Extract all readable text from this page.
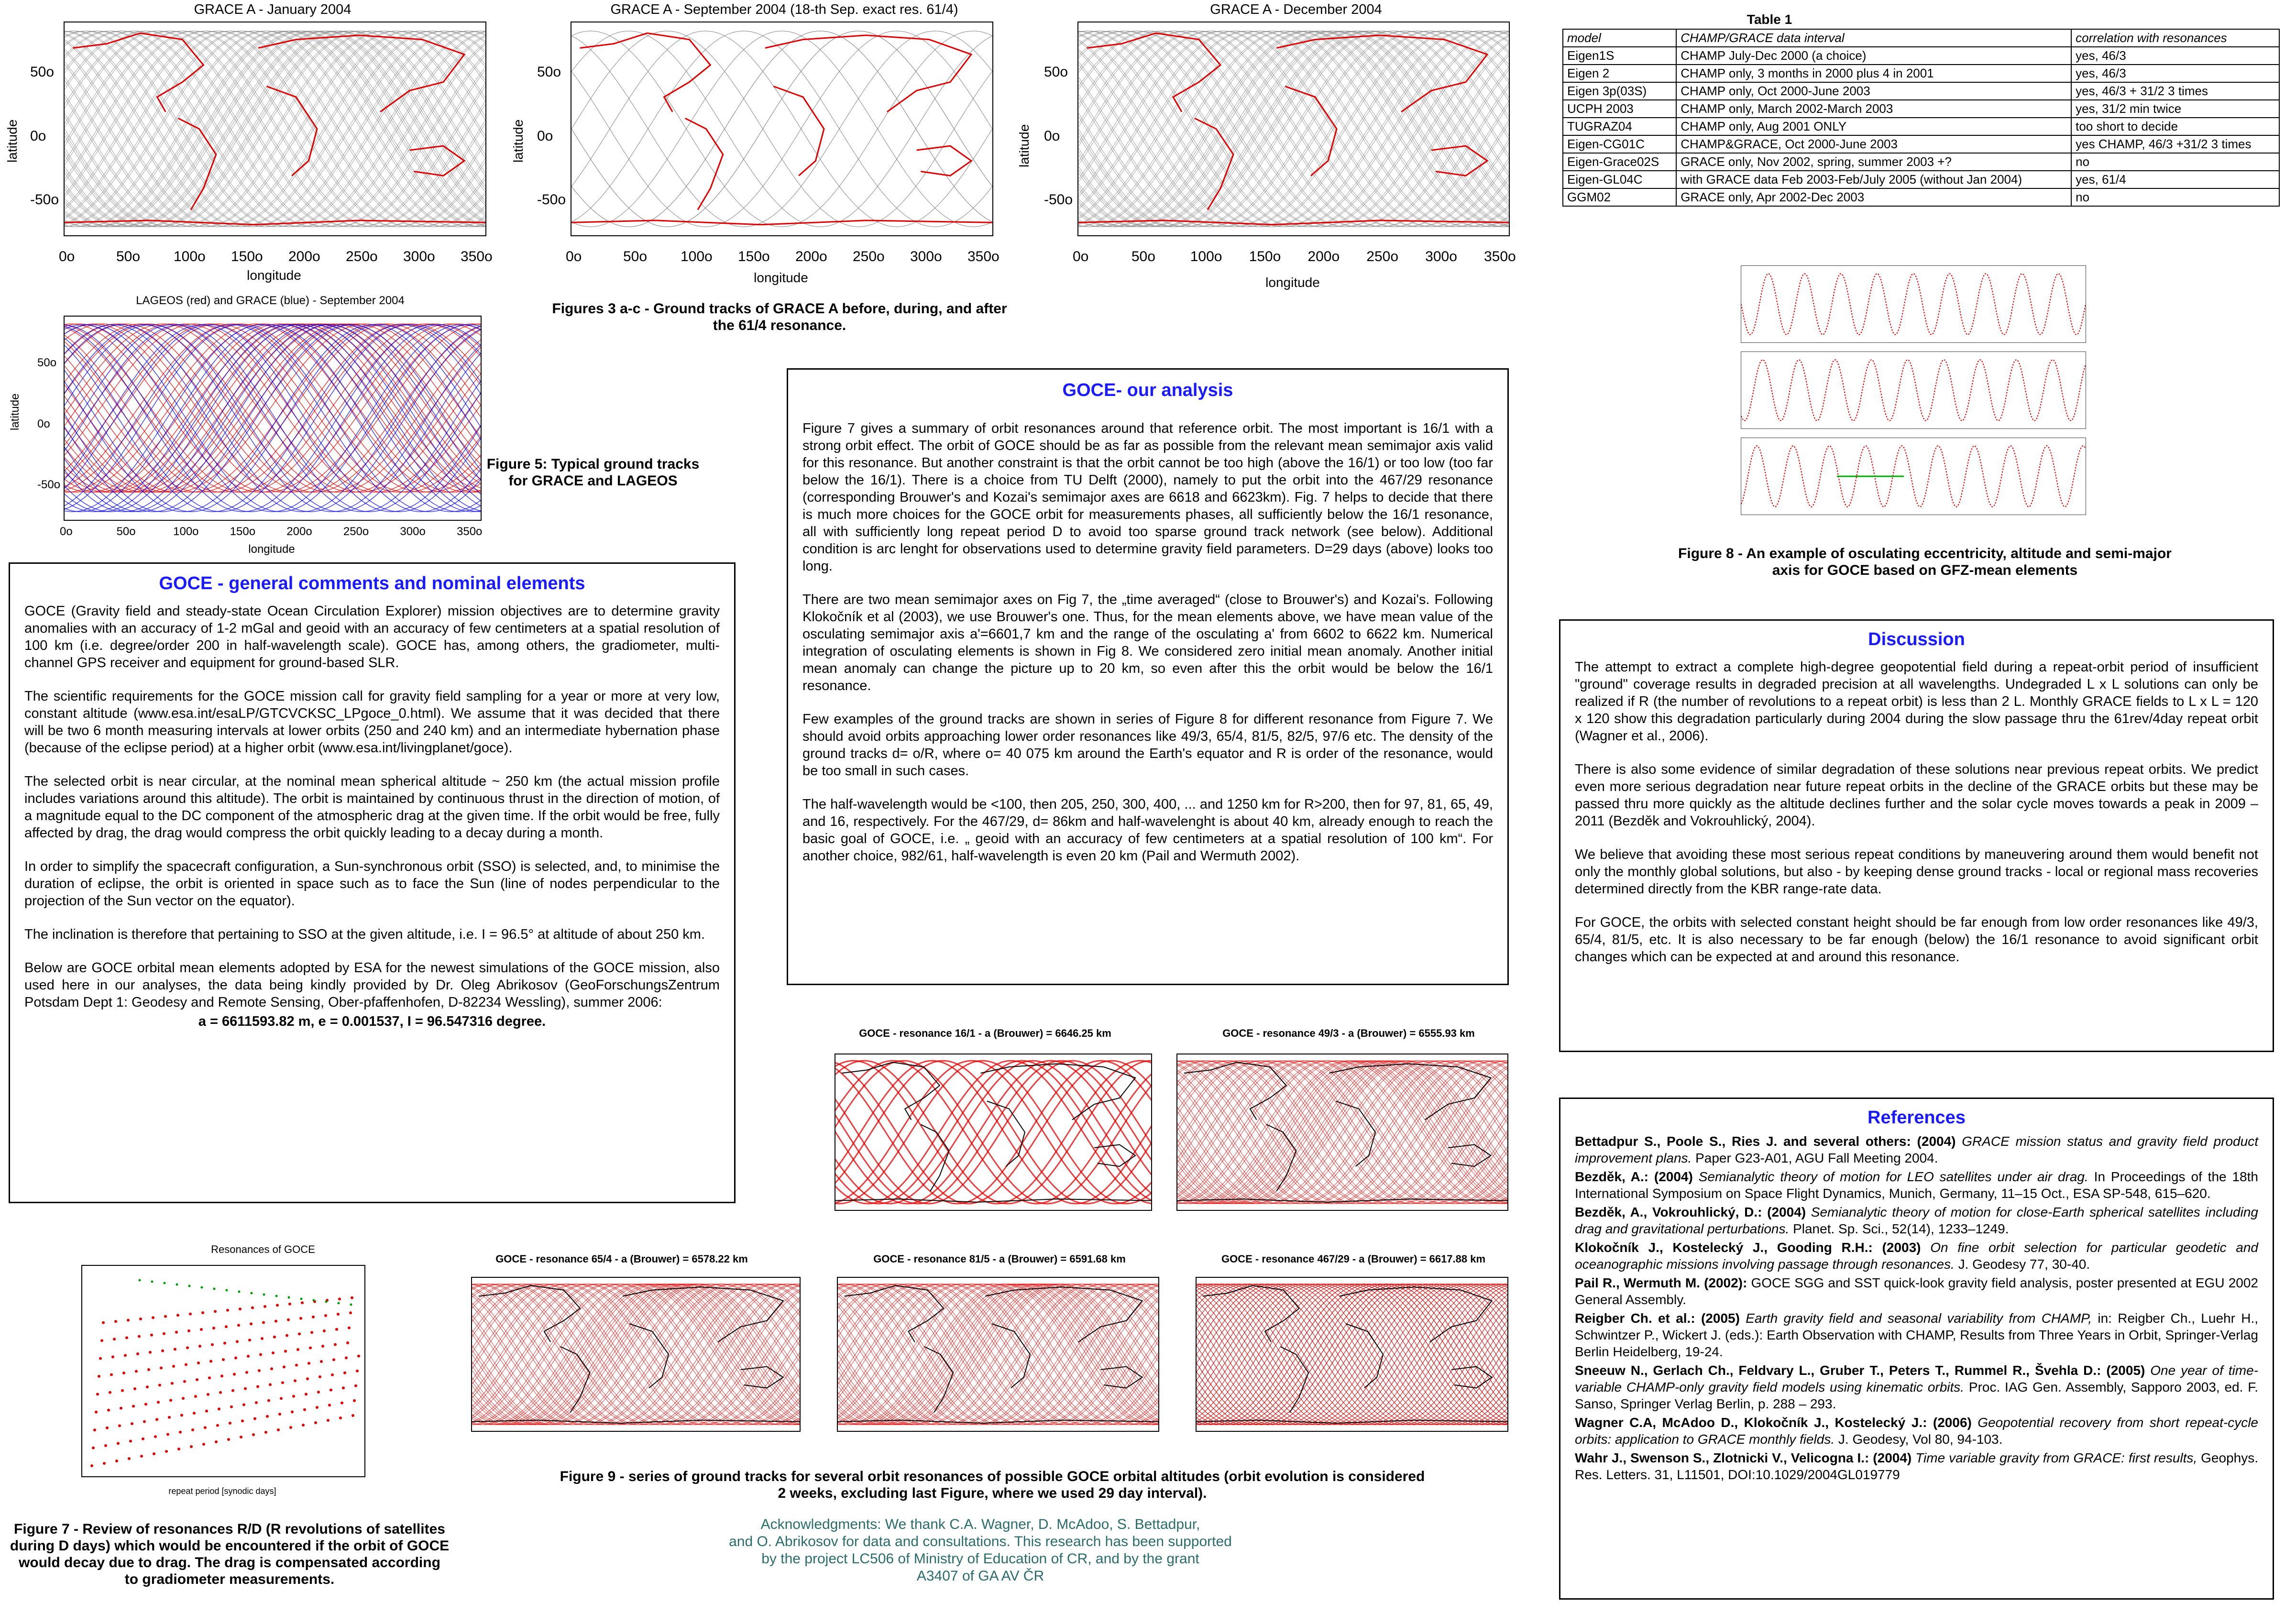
GRACE A - January 2004	GRACE A - September 2004 (18-th Sep. exact res. 61/4)	GRACE A - December 2004
latitude	latitude	latitude
longitude	longitude	longitude
50o
0o
-50o
0o	50o 100o 150o 200o 250o 300o 350o
50o
0o
-50o
0o	50o 100o 150o 200o 250o 300o 350o
50o
0o
-50o
0o	50o 100o 150o 200o 250o 300o 350o
Figures 3 a-c - Ground tracks of GRACE A before, during, and after
the 61/4 resonance.
LAGEOS (red) and GRACE (blue) - September 2004
latitude
longitude
50o
0o
-50o
0o	50o	100o	150o	200o	250o	300o	350o
Figure 5: Typical ground tracks
for GRACE and LAGEOS
Table 1
model	CHAMP/GRACE data interval	correlation with resonances
Eigen1S	CHAMP July-Dec 2000 (a choice)	yes, 46/3
Eigen 2	CHAMP only, 3 months in 2000 plus 4 in 2001	yes, 46/3
Eigen 3p(03S)	CHAMP only, Oct 2000-June 2003	yes, 46/3 + 31/2 3 times
UCPH 2003	CHAMP only, March 2002-March 2003	yes, 31/2 min twice
TUGRAZ04	CHAMP only, Aug 2001 ONLY	too short to decide
Eigen-CG01C	CHAMP&GRACE, Oct 2000-June 2003	yes CHAMP, 46/3 +31/2 3 times
Eigen-Grace02S	GRACE only, Nov 2002, spring, summer 2003 +?	no
Eigen-GL04C	with GRACE data Feb 2003-Feb/July 2005 (without Jan 2004)	yes, 61/4
GGM02	GRACE only, Apr 2002-Dec 2003	no
Figure 8 - An example of osculating eccentricity, altitude and semi-major
axis for GOCE based on GFZ-mean elements
GOCE - general comments and nominal elements

GOCE (Gravity field and steady-state Ocean Circulation Explorer) mission objectives are to determine gravity anomalies with an accuracy of 1-2 mGal and geoid with an accuracy of few centimeters at a spatial resolution of 100 km (i.e. degree/order 200 in half-wavelength scale). GOCE has, among others, the gradiometer, multi-channel GPS receiver and equipment for ground-based SLR.

The scientific requirements for the GOCE mission call for gravity field sampling for a year or more at very low, constant altitude (www.esa.int/esaLP/GTCVCKSC_LPgoce_0.html). We assume that it was decided that there will be two 6 month measuring intervals at lower orbits (250 and 240 km) and an intermediate hybernation phase (because of the eclipse period) at a higher orbit (www.esa.int/livingplanet/goce).

The selected orbit is near circular, at the nominal mean spherical altitude ~ 250 km (the actual mission profile includes variations around this altitude). The orbit is maintained by continuous thrust in the direction of motion, of a magnitude equal to the DC component of the atmospheric drag at the given time. If the orbit would be free, fully affected by drag, the drag would compress the orbit quickly leading to a decay during a month.

In order to simplify the spacecraft configuration, a Sun-synchronous orbit (SSO) is selected, and, to minimise the duration of eclipse, the orbit is oriented in space such as to face the Sun (line of nodes perpendicular to the projection of the Sun vector on the equator).

The inclination is therefore that pertaining to SSO at the given altitude, i.e. I = 96.5° at altitude of about 250 km.

Below are GOCE orbital mean elements adopted by ESA for the newest simulations of the GOCE mission, also used here in our analyses, the data being kindly provided by Dr. Oleg Abrikosov (GeoForschungsZentrum Potsdam Dept 1: Geodesy and Remote Sensing, Ober-pfaffenhofen, D-82234 Wessling), summer 2006:

a = 6611593.82 m, e = 0.001537, I = 96.547316 degree.
GOCE- our analysis

Figure 7 gives a summary of orbit resonances around that reference orbit. The most important is 16/1 with a strong orbit effect. The orbit of GOCE should be as far as possible from the relevant mean semimajor axis valid for this resonance. But another constraint is that the orbit cannot be too high (above the 16/1) or too low (too far below the 16/1). There is a choice from TU Delft (2000), namely to put the orbit into the 467/29 resonance (corresponding Brouwer's and Kozai's semimajor axes are 6618 and 6623km). Fig. 7 helps to decide that there is much more choices for the GOCE orbit for measurements phases, all sufficiently below the 16/1 resonance, all with sufficiently long repeat period D to avoid too sparse ground track network (see below). Additional condition is arc lenght for observations used to determine gravity field parameters. D=29 days (above) looks too long.

There are two mean semimajor axes on Fig 7, the „time averaged“ (close to Brouwer's) and Kozai's. Following Klokočník et al (2003), we use Brouwer's one. Thus, for the mean elements above, we have mean value of the osculating semimajor axis a'=6601,7 km and the range of the osculating a' from 6602 to 6622 km. Numerical integration of osculating elements is shown in Fig 8. We considered zero initial mean anomaly. Another initial mean anomaly can change the picture up to 20 km, so even after this the orbit would be below the 16/1 resonance.

Few examples of the ground tracks are shown in series of Figure 8 for different resonance from Figure 7. We should avoid orbits approaching lower order resonances like 49/3, 65/4, 81/5, 82/5, 97/6 etc. The density of the ground tracks d= o/R, where o= 40 075 km around the Earth's equator and R is order of the resonance, would be too small in such cases.

The half-wavelength would be <100, then 205, 250, 300, 400, ... and 1250 km for R>200, then for 97, 81, 65, 49, and 16, respectively. For the 467/29, d= 86km and half-wavelenght is about 40 km, already enough to reach the basic goal of GOCE, i.e. „ geoid with an accuracy of few centimeters at a spatial resolution of 100 km“. For another choice, 982/61, half-wavelength is even 20 km (Pail and Wermuth 2002).

GOCE - resonance 16/1 - a (Brouwer) = 6646.25 km	GOCE - resonance 49/3 - a (Brouwer) = 6555.93 km
GOCE - resonance 65/4 - a (Brouwer) = 6578.22 km	GOCE - resonance 81/5 - a (Brouwer) = 6591.68 km	GOCE - resonance 467/29 - a (Brouwer) = 6617.88 km
Figure 9 - series of ground tracks for several orbit resonances of possible GOCE orbital altitudes (orbit evolution is considered
2 weeks, excluding last Figure, where we used 29 day interval).
Resonances of GOCE
repeat period [synodic days]
Figure 7 - Review of resonances R/D (R revolutions of satellites
during D days) which would be encountered if the orbit of GOCE
would decay due to drag. The drag is compensated according
to gradiometer measurements.
Discussion

The attempt to extract a complete high-degree geopotential field during a repeat-orbit period of insufficient "ground" coverage results in degraded precision at all wavelengths. Undegraded L x L solutions can only be realized if R (the number of revolutions to a repeat orbit) is less than 2 L. Monthly GRACE fields to L x L = 120 x 120 show this degradation particularly during 2004 during the slow passage thru the 61rev/4day repeat orbit (Wagner et al., 2006).

There is also some evidence of similar degradation of these solutions near previous repeat orbits. We predict even more serious degradation near future repeat orbits in the decline of the GRACE orbits but these may be passed thru more quickly as the altitude declines further and the solar cycle moves towards a peak in 2009 – 2011 (Bezděk and Vokrouhlický, 2004).

We believe that avoiding these most serious repeat conditions by maneuvering around them would benefit not only the monthly global solutions, but also - by keeping dense ground tracks - local or regional mass recoveries determined directly from the KBR range-rate data.

For GOCE, the orbits with selected constant height should be far enough from low order resonances like 49/3, 65/4, 81/5, etc. It is also necessary to be far enough (below) the 16/1 resonance to avoid significant orbit changes which can be expected at and around this resonance.

References
Bettadpur S., Poole S., Ries J. and several others: (2004) GRACE mission status and gravity field product improvement plans. Paper G23-A01, AGU Fall Meeting 2004.
Bezděk, A.: (2004) Semianalytic theory of motion for LEO satellites under air drag. In Proceedings of the 18th International Symposium on Space Flight Dynamics, Munich, Germany, 11–15 Oct., ESA SP-548, 615–620.
Bezděk, A., Vokrouhlický, D.: (2004) Semianalytic theory of motion for close-Earth spherical satellites including drag and gravitational perturbations. Planet. Sp. Sci., 52(14), 1233–1249.
Klokočník J., Kostelecký J., Gooding R.H.: (2003) On fine orbit selection for particular geodetic and oceanographic missions involving passage through resonances. J. Geodesy 77, 30-40.
Pail R., Wermuth M. (2002): GOCE SGG and SST quick-look gravity field analysis, poster presented at EGU 2002 General Assembly.
Reigber Ch. et al.: (2005) Earth gravity field and seasonal variability from CHAMP, in: Reigber Ch., Luehr H., Schwintzer P., Wickert J. (eds.): Earth Observation with CHAMP, Results from Three Years in Orbit, Springer-Verlag Berlin Heidelberg, 19-24.
Sneeuw N., Gerlach Ch., Feldvary L., Gruber T., Peters T., Rummel R., Švehla D.: (2005) One year of time-variable CHAMP-only gravity field models using kinematic orbits. Proc. IAG Gen. Assembly, Sapporo 2003, ed. F. Sanso, Springer Verlag Berlin, p. 288 – 293.
Wagner C.A, McAdoo D., Klokočník J., Kostelecký J.: (2006) Geopotential recovery from short repeat-cycle orbits: application to GRACE monthly fields. J. Geodesy, Vol 80, 94-103.
Wahr J., Swenson S., Zlotnicki V., Velicogna I.: (2004) Time variable gravity from GRACE: first results, Geophys. Res. Letters. 31, L11501, DOI:10.1029/2004GL019779
Acknowledgments: We thank C.A. Wagner, D. McAdoo, S. Bettadpur,
and O. Abrikosov for data and consultations. This research has been supported
by the project LC506 of Ministry of Education of CR, and by the grant
A3407 of GA AV ČR
